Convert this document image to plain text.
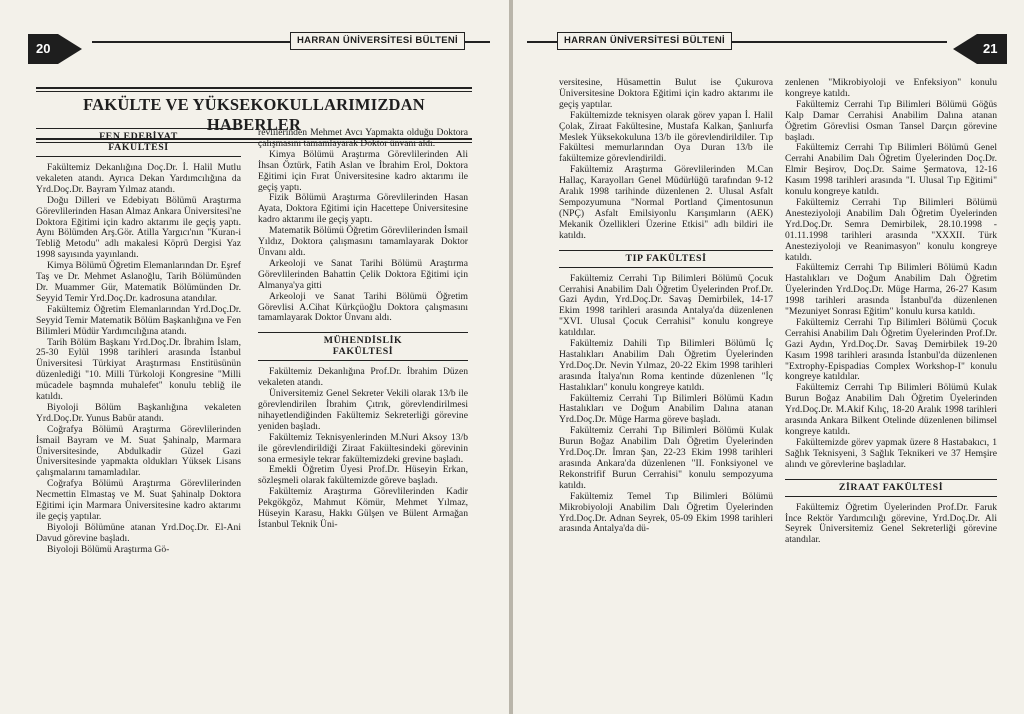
20
HARRAN ÜNİVERSİTESİ BÜLTENİ
FAKÜLTE VE YÜKSEKOKULLARIMIZDAN HABERLER
FEN EDEBİYAT
FAKÜLTESİ

Fakültemiz Dekanlığına Doç.Dr. İ. Halil Mutlu vekaleten atandı. Ayrıca Dekan Yardımcılığına da Yrd.Doç.Dr. Bayram Yılmaz atandı.

Doğu Dilleri ve Edebiyatı Bölümü Araştırma Görevlilerinden Hasan Almaz Ankara Üniversitesi'ne Doktora Eğitimi için kadro aktarımı ile geçiş yaptı. Aynı Bölümden Arş.Gör. Atilla Yargıcı'nın "Kuran-i Tebliğ Metodu" adlı makalesi Köprü Dergisi Yaz 1998 sayısında yayınlandı.

Kimya Bölümü Öğretim Elemanlarından Dr. Eşref Taş ve Dr. Mehmet Aslanoğlu, Tarih Bölümünden Dr. Muammer Gür, Matematik Bölümünden Dr. Seyyid Temir Yrd.Doç.Dr. kadrosuna atandılar.

Fakültemiz Öğretim Elemanlarından Yrd.Doç.Dr. Seyyid Temir Matematik Bölüm Başkanlığına ve Fen Bilimleri Müdür Yardımcılığına atandı.

Tarih Bölüm Başkanı Yrd.Doç.Dr. İbrahim İslam, 25-30 Eylül 1998 tarihleri arasında İstanbul Üniversitesi Türkiyat Araştırması Enstitüsünün düzenlediği "10. Milli Türkoloji Kongresine "Milli mücadele başmnda muhalefet" konulu tebliğ ile katıldı.

Biyoloji Bölüm Başkanlığına vekaleten Yrd.Doç.Dr. Yunus Babür atandı.

Coğrafya Bölümü Araştırma Görevlilerinden İsmail Bayram ve M. Suat Şahinalp, Marmara Üniversitesinde, Abdulkadir Güzel Gazi Üniversitesinde yapmakta oldukları Yüksek Lisans çalışmalarını tamamladılar.

Coğrafya Bölümü Araştırma Görevlilerinden Necmettin Elmastaş ve M. Suat Şahinalp Doktora Eğitimi için Marmara Üniversitesine kadro aktarımı ile geçiş yaptılar.

Biyoloji Bölümüne atanan Yrd.Doç.Dr. El-Ani Davud görevine başladı.

Biyoloji Bölümü Araştırma Gö-

revlilerinden Mehmet Avcı Yapmakta olduğu Doktora çalışmasını tamamlayarak Doktor ünvanı aldı.

Kimya Bölümü Araştırma Görevlilerinden Ali İhsan Öztürk, Fatih Aslan ve İbrahim Erol, Doktora Eğitimi için Fırat Üniversitesine kadro aktarımı ile geçiş yaptı.

Fizik Bölümü Araştırma Görevlilerinden Hasan Ayata, Doktora Eğitimi için Hacettepe Üniversitesine kadro aktarımı ile geçiş yaptı.

Matematik Bölümü Öğretim Görevlilerinden İsmail Yıldız, Doktora çalışmasını tamamlayarak Doktor Ünvanı aldı.

Arkeoloji ve Sanat Tarihi Bölümü Araştırma Görevlilerinden Bahattin Çelik Doktora Eğitimi için Almanya'ya gitti

Arkeoloji ve Sanat Tarihi Bölümü Öğretim Görevlisi A.Cihat Kürkçüoğlu Doktora çalışmasını tamamlayarak Doktor Ünvanı aldı.

MÜHENDİSLİK
FAKÜLTESİ

Fakültemiz Dekanlığına Prof.Dr. İbrahim Düzen vekaleten atandı.

Üniversitemiz Genel Sekreter Vekili olarak 13/b ile görevlendirilen İbrahim Çıtrık, görevlendirilmesi nihayetlendiğinden Fakültemiz Sekreterliği görevine yeniden başladı.

Fakültemiz Teknisyenlerinden M.Nuri Aksoy 13/b ile görevlendirildiği Ziraat Fakültesindeki görevinin sona ermesiyle tekrar fakültemizdeki grevine başladı.

Emekli Öğretim Üyesi Prof.Dr. Hüseyin Erkan, sözleşmeli olarak fakültemizde göreve başladı.

Fakültemiz Araştırma Görevlilerinden Kadir Pekgökgöz, Mahmut Kömür, Mehmet Yılmaz, Hüseyin Karasu, Hakkı Gülşen ve Bülent Armağan İstanbul Teknik Üni-

HARRAN ÜNİVERSİTESİ BÜLTENİ
21

versitesine, Hüsamettin Bulut ise Çukurova Üniversitesine Doktora Eğitimi için kadro aktarımı ile geçiş yaptılar.

Fakültemizde teknisyen olarak görev yapan İ. Halil Çolak, Ziraat Fakültesine, Mustafa Kalkan, Şanlıurfa Meslek Yüksekokuluna 13/b ile görevlendirildiler. Tıp Fakültesi memurlarından Oya Duran 13/b ile fakültemize görevlendirildi.

Fakültemiz Araştırma Görevlilerinden M.Can Hallaç, Karayolları Genel Müdürlüğü tarafından 9-12 Aralık 1998 tarihinde düzenlenen 2. Ulusal Asfalt Sempozyumuna "Normal Portland Çimentosunun (NPÇ) Asfalt Emilsiyonlu Karışımların (AEK) Mekanik Özellikleri Üzerine Etkisi" adlı bildiri ile katıldı.

TIP FAKÜLTESİ

Fakültemiz Cerrahi Tıp Bilimleri Bölümü Çocuk Cerrahisi Anabilim Dalı Öğretim Üyelerinden Prof.Dr. Gazi Aydın, Yrd.Doç.Dr. Savaş Demirbilek, 14-17 Ekim 1998 tarihleri arasında Antalya'da düzenlenen "XVI. Ulusal Çocuk Cerrahisi" konulu kongreye katıldılar.

Fakültemiz Dahili Tıp Bilimleri Bölümü İç Hastalıkları Anabilim Dalı Öğretim Üyelerinden Yrd.Doç.Dr. Nevin Yılmaz, 20-22 Ekim 1998 tarihleri arasında İtalya'nın Roma kentinde düzenlenen "İç Hastalıkları" konulu kongreye katıldı.

Fakültemiz Cerrahi Tıp Bilimleri Bölümü Kadın Hastalıkları ve Doğum Anabilim Dalına atanan Yrd.Doç.Dr. Müge Harma göreve başladı.

Fakültemiz Cerrahi Tıp Bilimleri Bölümü Kulak Burun Boğaz Anabilim Dalı Öğretim Üyelerinden Yrd.Doç.Dr. İmran Şan, 22-23 Ekim 1998 tarihleri arasında Ankara'da düzenlenen "II. Fonksiyonel ve Rekonstrifif Burun Cerrahisi" konulu sempozyuma katıldı.

Fakültemiz Temel Tıp Bilimleri Bölümü Mikrobiyoloji Anabilim Dalı Öğretim Üyelerinden Yrd.Doç.Dr. Adnan Seyrek, 05-09 Ekim 1998 tarihleri arasında Antalya'da dü-

zenlenen "Mikrobiyoloji ve Enfeksiyon" konulu kongreye katıldı.

Fakültemiz Cerrahi Tıp Bilimleri Bölümü Göğüs Kalp Damar Cerrahisi Anabilim Dalına atanan Öğretim Görevlisi Osman Tansel Darçın görevine başladı.

Fakültemiz Cerrahi Tıp Bilimleri Bölümü Genel Cerrahi Anabilim Dalı Öğretim Üyelerinden Doç.Dr. Elmir Beşirov, Doç.Dr. Saime Şermatova, 12-16 Kasım 1998 tarihleri arasında "I. Ulusal Tıp Eğitimi" konulu kongreye katıldı.

Fakültemiz Cerrahi Tıp Bilimleri Bölümü Anesteziyoloji Anabilim Dalı Öğretim Üyelerinden Yrd.Doç.Dr. Semra Demirbilek, 28.10.1998 - 01.11.1998 tarihleri arasında "XXXII. Türk Anesteziyoloji ve Reanimasyon" konulu kongreye katıldı.

Fakültemiz Cerrahi Tıp Bilimleri Bölümü Kadın Hastalıkları ve Doğum Anabilim Dalı Öğretim Üyelerinden Yrd.Doç.Dr. Müge Harma, 26-27 Kasım 1998 tarihleri arasında İstanbul'da düzenlenen "Mezuniyet Sonrası Eğitim" konulu kursa katıldı.

Fakültemiz Cerrahi Tıp Bilimleri Bölümü Çocuk Cerrahisi Anabilim Dalı Öğretim Üyelerinden Prof.Dr. Gazi Aydın, Yrd.Doç.Dr. Savaş Demirbilek 19-20 Kasım 1998 tarihleri arasında İstanbul'da düzenlenen "Extrophy-Epispadias Complex Workshop-I" konulu kongreye katıldılar.

Fakültemiz Cerrahi Tıp Bilimleri Bölümü Kulak Burun Boğaz Anabilim Dalı Öğretim Üyelerinden Yrd.Doç.Dr. M.Akif Kılıç, 18-20 Aralık 1998 tarihleri arasında Ankara Bilkent Otelinde düzenlenen bilimsel kongreye katıldı.

Fakültemizde görev yapmak üzere 8 Hastabakıcı, 1 Sağlık Teknisyeni, 3 Sağlık Teknikeri ve 37 Hemşire alındı ve görevlerine başladılar.

ZİRAAT FAKÜLTESİ

Fakültemiz Öğretim Üyelerinden Prof.Dr. Faruk İnce Rektör Yardımcılığı görevine, Yrd.Doç.Dr. Ali Seyrek Üniversitemiz Genel Sekreterliği görevine atandılar.
